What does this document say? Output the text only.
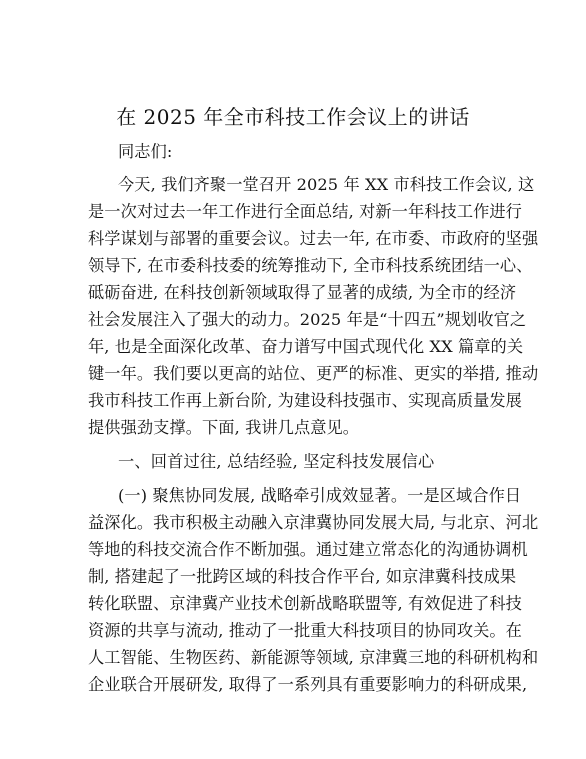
在 2025 年全市科技工作会议上的讲话
同志们:
今天, 我们齐聚一堂召开 2025 年 XX 市科技工作会议, 这
是一次对过去一年工作进行全面总结, 对新一年科技工作进行
科学谋划与部署的重要会议。过去一年, 在市委、市政府的坚强
领导下, 在市委科技委的统筹推动下, 全市科技系统团结一心、
砥砺奋进, 在科技创新领域取得了显著的成绩, 为全市的经济
社会发展注入了强大的动力。2025 年是“十四五”规划收官之
年, 也是全面深化改革、奋力谱写中国式现代化 XX 篇章的关
键一年。我们要以更高的站位、更严的标准、更实的举措, 推动
我市科技工作再上新台阶, 为建设科技强市、实现高质量发展
提供强劲支撑。下面, 我讲几点意见。
一、回首过往, 总结经验, 坚定科技发展信心
(一) 聚焦协同发展, 战略牵引成效显著。一是区域合作日
益深化。我市积极主动融入京津冀协同发展大局, 与北京、河北
等地的科技交流合作不断加强。通过建立常态化的沟通协调机
制, 搭建起了一批跨区域的科技合作平台, 如京津冀科技成果
转化联盟、京津冀产业技术创新战略联盟等, 有效促进了科技
资源的共享与流动, 推动了一批重大科技项目的协同攻关。在
人工智能、生物医药、新能源等领域, 京津冀三地的科研机构和
企业联合开展研发, 取得了一系列具有重要影响力的科研成果,
